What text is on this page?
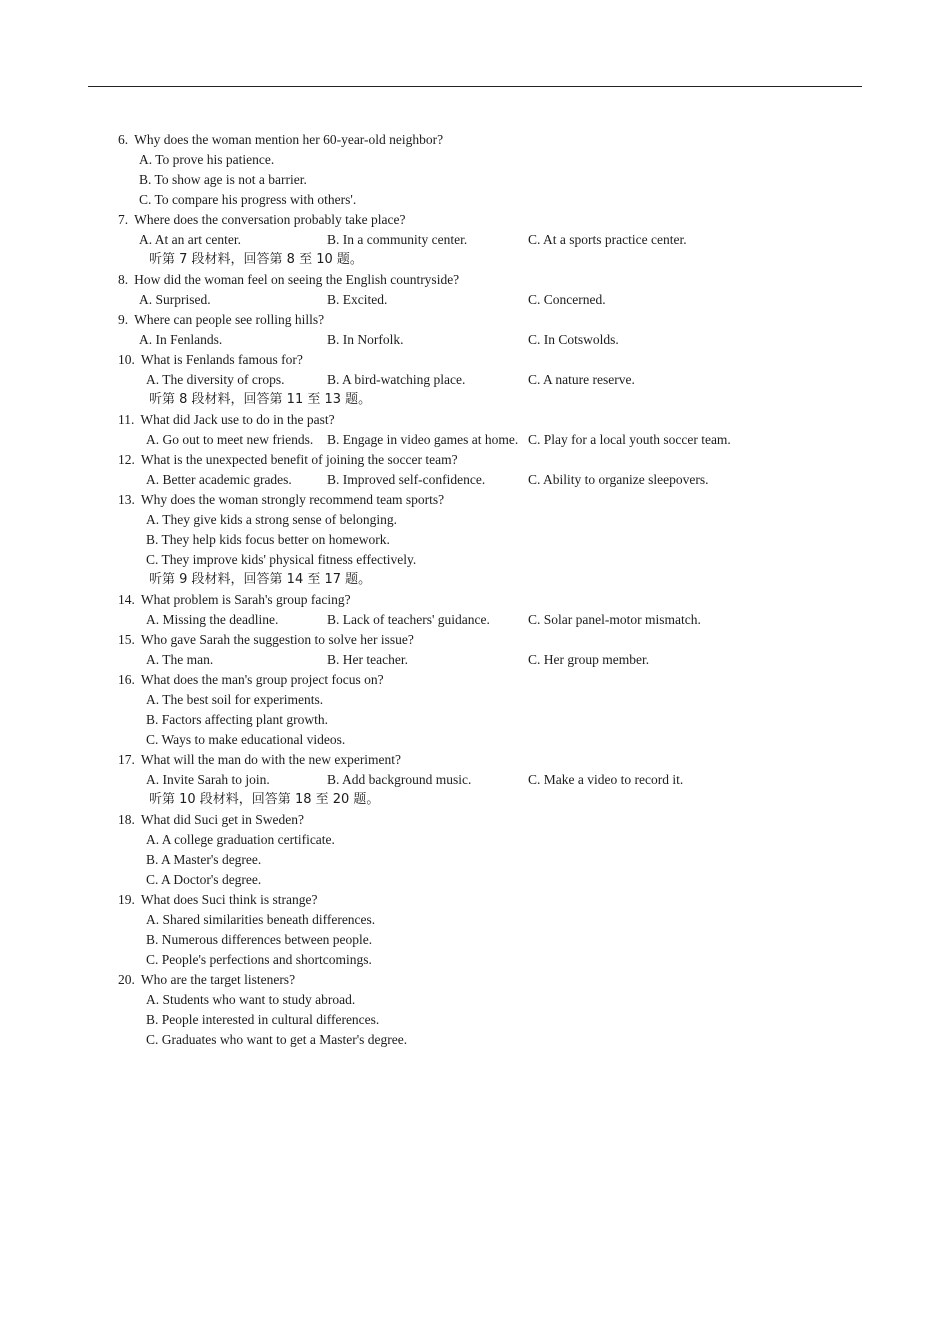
6. Why does the woman mention her 60-year-old neighbor?
A. To prove his patience.
B. To show age is not a barrier.
C. To compare his progress with others'.
7. Where does the conversation probably take place?
A. At an art center.	B. In a community center.	C. At a sports practice center.
听第 7 段材料，回答第 8 至 10 题。
8. How did the woman feel on seeing the English countryside?
A. Surprised.	B. Excited.	C. Concerned.
9. Where can people see rolling hills?
A. In Fenlands.	B. In Norfolk.	C. In Cotswolds.
10. What is Fenlands famous for?
A. The diversity of crops.	B. A bird-watching place.	C. A nature reserve.
听第 8 段材料，回答第 11 至 13 题。
11. What did Jack use to do in the past?
A. Go out to meet new friends. B. Engage in video games at home. C. Play for a local youth soccer team.
12. What is the unexpected benefit of joining the soccer team?
A. Better academic grades.	B. Improved self-confidence.	C. Ability to organize sleepovers.
13. Why does the woman strongly recommend team sports?
A. They give kids a strong sense of belonging.
B. They help kids focus better on homework.
C. They improve kids' physical fitness effectively.
听第 9 段材料，回答第 14 至 17 题。
14. What problem is Sarah's group facing?
A. Missing the deadline.	B. Lack of teachers' guidance.	C. Solar panel-motor mismatch.
15. Who gave Sarah the suggestion to solve her issue?
A. The man.	B. Her teacher.	C. Her group member.
16. What does the man's group project focus on?
A. The best soil for experiments.
B. Factors affecting plant growth.
C. Ways to make educational videos.
17. What will the man do with the new experiment?
A. Invite Sarah to join.	B. Add background music.	C. Make a video to record it.
听第 10 段材料，回答第 18 至 20 题。
18. What did Suci get in Sweden?
A. A college graduation certificate.
B. A Master's degree.
C. A Doctor's degree.
19. What does Suci think is strange?
A. Shared similarities beneath differences.
B. Numerous differences between people.
C. People's perfections and shortcomings.
20. Who are the target listeners?
A. Students who want to study abroad.
B. People interested in cultural differences.
C. Graduates who want to get a Master's degree.
